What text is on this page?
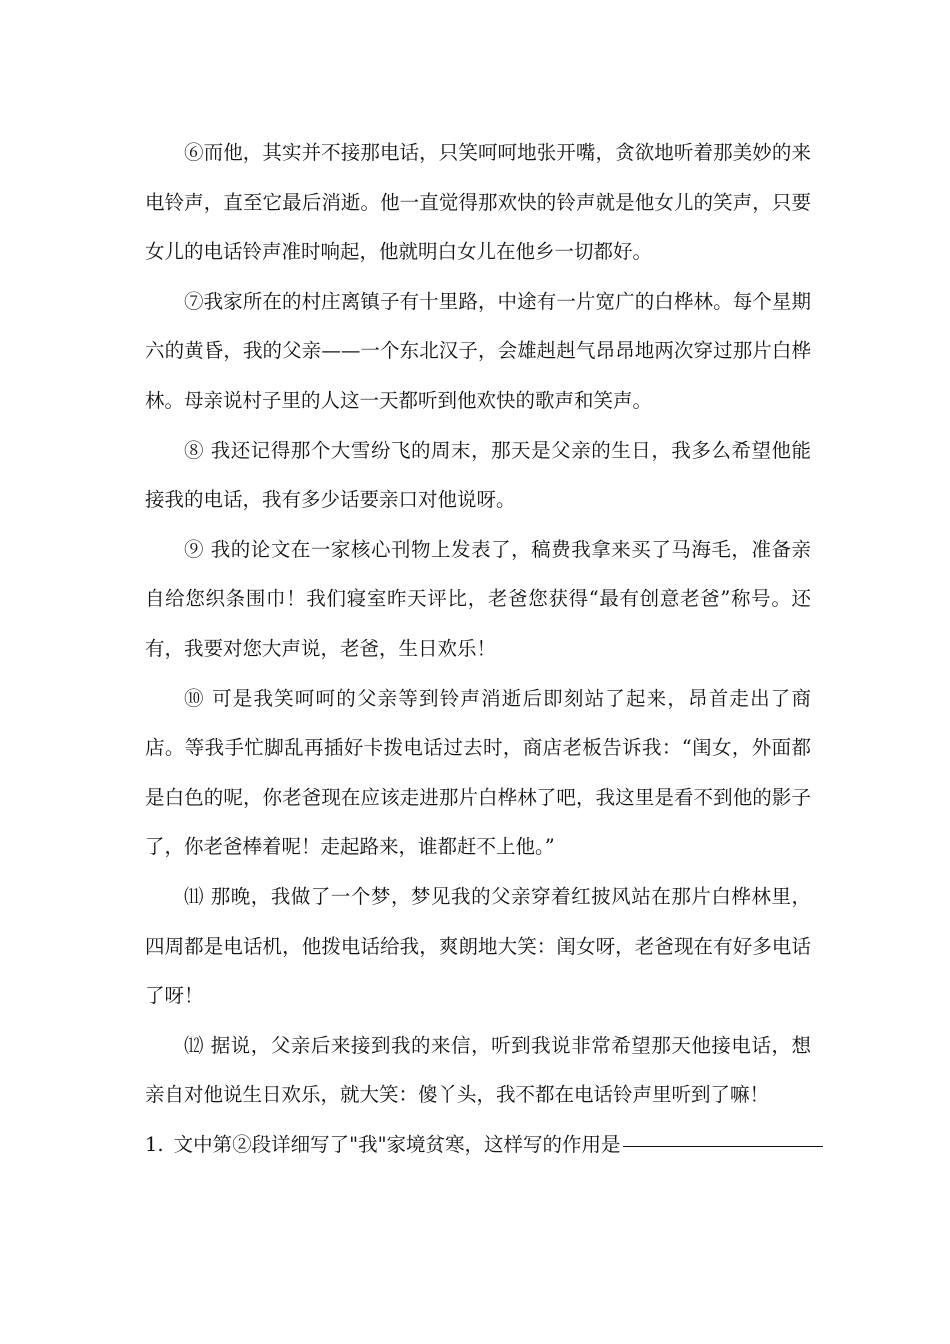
⑥而他，其实并不接那电话，只笑呵呵地张开嘴，贪欲地听着那美妙的来电铃声，直至它最后消逝。他一直觉得那欢快的铃声就是他女儿的笑声，只要女儿的电话铃声准时响起，他就明白女儿在他乡一切都好。

⑦我家所在的村庄离镇子有十里路，中途有一片宽广的白桦林。每个星期六的黄昏，我的父亲——一个东北汉子，会雄赳赳气昂昂地两次穿过那片白桦林。母亲说村子里的人这一天都听到他欢快的歌声和笑声。

⑧ 我还记得那个大雪纷飞的周末，那天是父亲的生日，我多么希望他能接我的电话，我有多少话要亲口对他说呀。

⑨ 我的论文在一家核心刊物上发表了，稿费我拿来买了马海毛，准备亲自给您织条围巾！我们寝室昨天评比，老爸您获得“最有创意老爸”称号。还有，我要对您大声说，老爸，生日欢乐！

⑩ 可是我笑呵呵的父亲等到铃声消逝后即刻站了起来，昂首走出了商店。等我手忙脚乱再插好卡拨电话过去时，商店老板告诉我：“闺女，外面都是白色的呢，你老爸现在应该走进那片白桦林了吧，我这里是看不到他的影子了，你老爸棒着呢！走起路来，谁都赶不上他。”

⑾ 那晚，我做了一个梦，梦见我的父亲穿着红披风站在那片白桦林里，四周都是电话机，他拨电话给我，爽朗地大笑：闺女呀，老爸现在有好多电话了呀！

⑿ 据说，父亲后来接到我的来信，听到我说非常希望那天他接电话，想亲自对他说生日欢乐，就大笑：傻丫头，我不都在电话铃声里听到了嘛！

1. 文中第②段详细写了"我"家境贫寒，这样写的作用是
